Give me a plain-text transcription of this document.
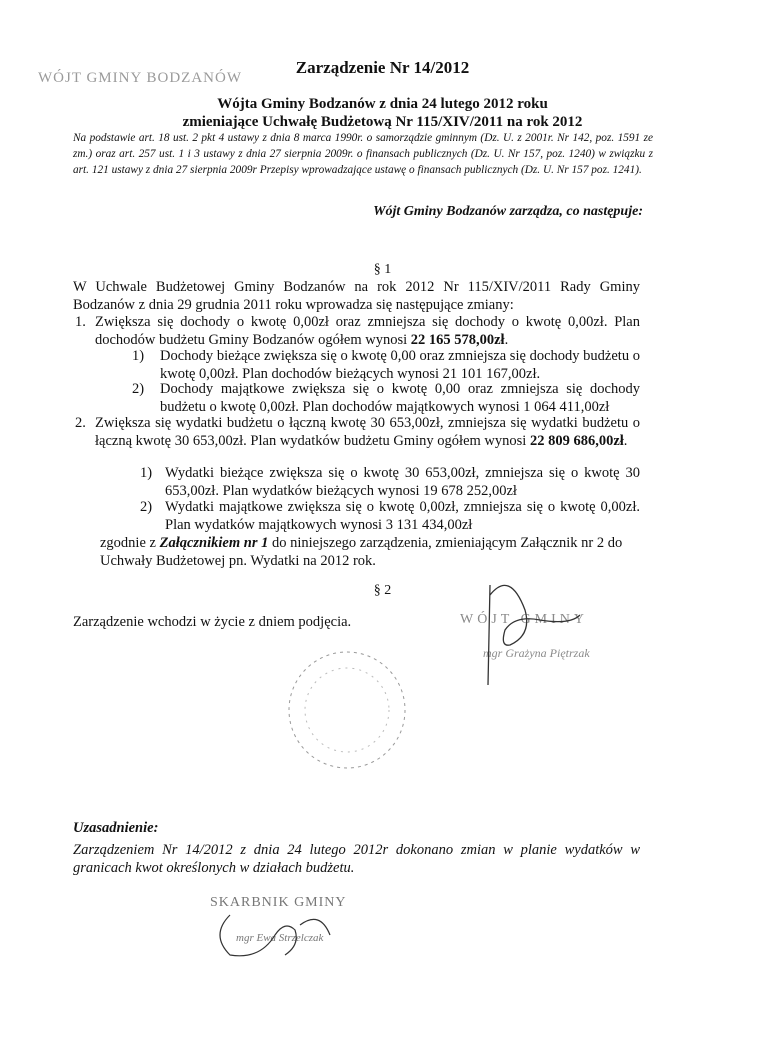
WÓJT GMINY BODZANÓW
Zarządzenie Nr 14/2012
Wójta Gminy Bodzanów z dnia 24 lutego 2012 roku
zmieniające Uchwałę Budżetową Nr 115/XIV/2011 na rok 2012
Na podstawie art. 18 ust. 2 pkt 4 ustawy z dnia 8 marca 1990r. o samorządzie gminnym (Dz. U. z 2001r. Nr 142, poz. 1591 ze zm.) oraz art. 257 ust. 1 i 3 ustawy z dnia 27 sierpnia 2009r. o finansach publicznych (Dz. U. Nr 157, poz. 1240) w związku z art. 121 ustawy z dnia 27 sierpnia 2009r Przepisy wprowadzające ustawę o finansach publicznych (Dz. U. Nr 157 poz. 1241).
Wójt Gminy Bodzanów zarządza, co następuje:
§ 1
W Uchwale Budżetowej Gminy Bodzanów na rok 2012 Nr 115/XIV/2011 Rady Gminy Bodzanów z dnia 29 grudnia 2011 roku wprowadza się następujące zmiany:
1. Zwiększa się dochody o kwotę 0,00zł oraz zmniejsza się dochody o kwotę 0,00zł. Plan dochodów budżetu Gminy Bodzanów ogółem wynosi 22 165 578,00zł.
1) Dochody bieżące zwiększa się o kwotę 0,00 oraz zmniejsza się dochody budżetu o kwotę 0,00zł. Plan dochodów bieżących wynosi 21 101 167,00zł.
2) Dochody majątkowe zwiększa się o kwotę 0,00 oraz zmniejsza się dochody budżetu o kwotę 0,00zł. Plan dochodów majątkowych wynosi 1 064 411,00zł
2. Zwiększa się wydatki budżetu o łączną kwotę 30 653,00zł, zmniejsza się wydatki budżetu o łączną kwotę 30 653,00zł. Plan wydatków budżetu Gminy ogółem wynosi 22 809 686,00zł.
1) Wydatki bieżące zwiększa się o kwotę 30 653,00zł, zmniejsza się o kwotę 30 653,00zł. Plan wydatków bieżących wynosi 19 678 252,00zł
2) Wydatki majątkowe zwiększa się o kwotę 0,00zł, zmniejsza się o kwotę 0,00zł. Plan wydatków majątkowych wynosi 3 131 434,00zł
zgodnie z Załącznikiem nr 1 do niniejszego zarządzenia, zmieniającym Załącznik nr 2 do Uchwały Budżetowej pn. Wydatki na 2012 rok.
§ 2
Zarządzenie wchodzi w życie z dniem podjęcia.	WÓJT GMINY
mgr Grażyna Piętrzak
Uzasadnienie:
Zarządzeniem Nr 14/2012 z dnia 24 lutego 2012r dokonano zmian w planie wydatków w granicach kwot określonych w działach budżetu.
SKARBNIK GMINY
mgr Ewa Strzelczak
